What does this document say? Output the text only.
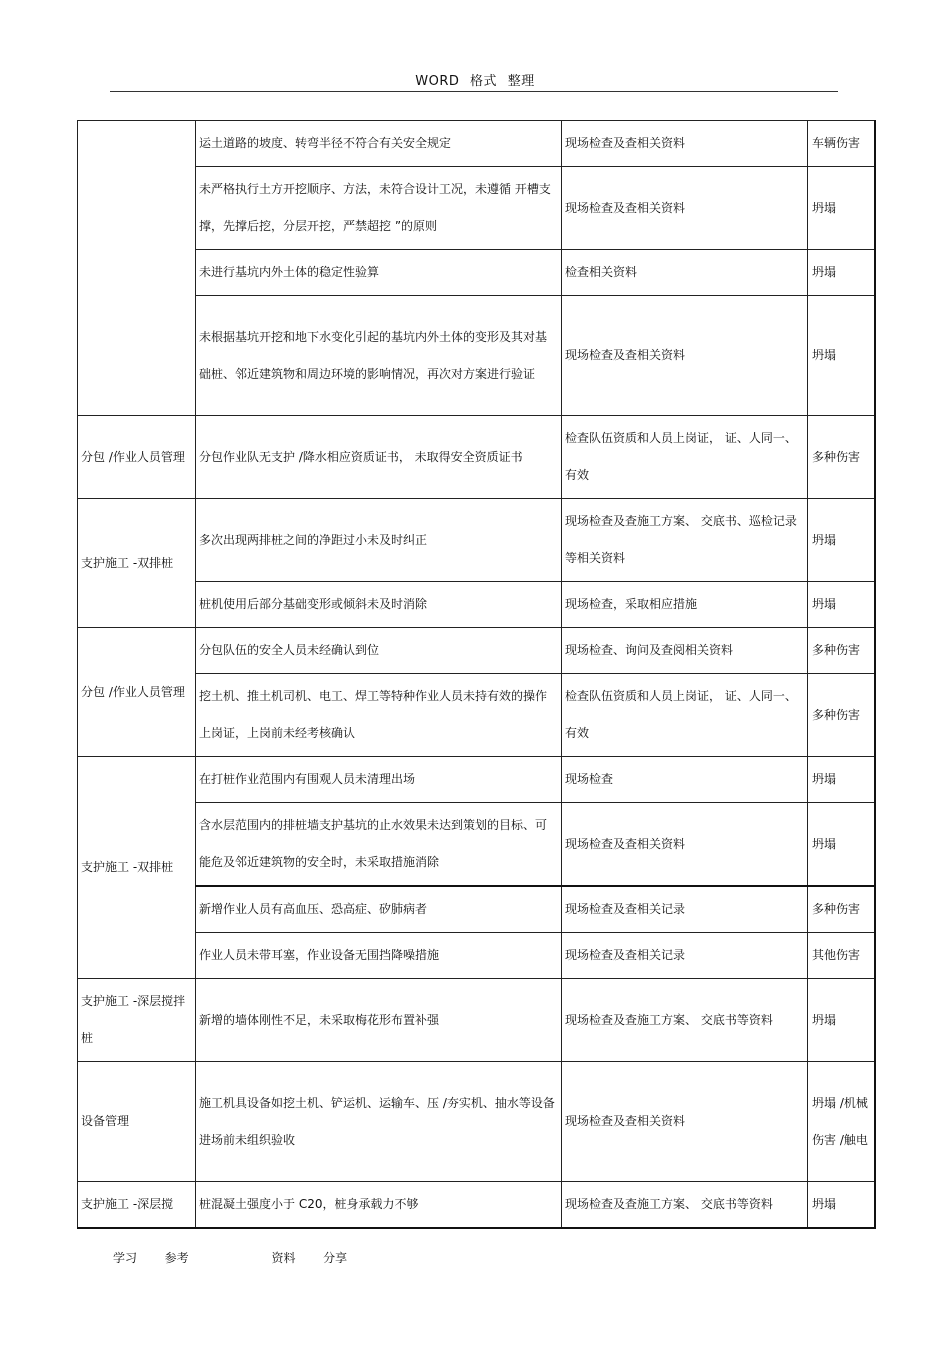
WORD 格式 整理
	运土道路的坡度、转弯半径不符合有关安全规定	现场检查及查相关资料	车辆伤害
	未严格执行土方开挖顺序、方法，未符合设计工况，未遵循 开槽支撑，先撑后挖，分层开挖，严禁超挖 ”的原则	现场检查及查相关资料	坍塌
	未进行基坑内外土体的稳定性验算	检查相关资料	坍塌
	未根据基坑开挖和地下水变化引起的基坑内外土体的变形及其对基础桩、邻近建筑物和周边环境的影响情况，再次对方案进行验证	现场检查及查相关资料	坍塌
分包 /作业人员管理	分包作业队无支护 /降水相应资质证书， 未取得安全资质证书	检查队伍资质和人员上岗证， 证、人同一、有效	多种伤害
支护施工 -双排桩	多次出现两排桩之间的净距过小未及时纠正	现场检查及查施工方案、 交底书、巡检记录等相关资料	坍塌
	桩机使用后部分基础变形或倾斜未及时消除	现场检查，采取相应措施	坍塌
分包 /作业人员管理	分包队伍的安全人员未经确认到位	现场检查、询问及查阅相关资料	多种伤害
	挖土机、推土机司机、电工、焊工等特种作业人员未持有效的操作上岗证，上岗前未经考核确认	检查队伍资质和人员上岗证， 证、人同一、有效	多种伤害
支护施工 -双排桩	在打桩作业范围内有围观人员未清理出场	现场检查	坍塌
	含水层范围内的排桩墙支护基坑的止水效果未达到策划的目标、可能危及邻近建筑物的安全时，未采取措施消除	现场检查及查相关资料	坍塌
	新增作业人员有高血压、恐高症、矽肺病者	现场检查及查相关记录	多种伤害
	作业人员未带耳塞，作业设备无围挡降噪措施	现场检查及查相关记录	其他伤害
支护施工 -深层搅拌桩	新增的墙体刚性不足，未采取梅花形布置补强	现场检查及查施工方案、 交底书等资料	坍塌
设备管理	施工机具设备如挖土机、铲运机、运输车、压 /夯实机、抽水等设备进场前未组织验收	现场检查及查相关资料	坍塌 /机械伤害 /触电
支护施工 -深层搅	桩混凝土强度小于 C20，桩身承载力不够	现场检查及查施工方案、 交底书等资料	坍塌
学习  参考      资料  分享
